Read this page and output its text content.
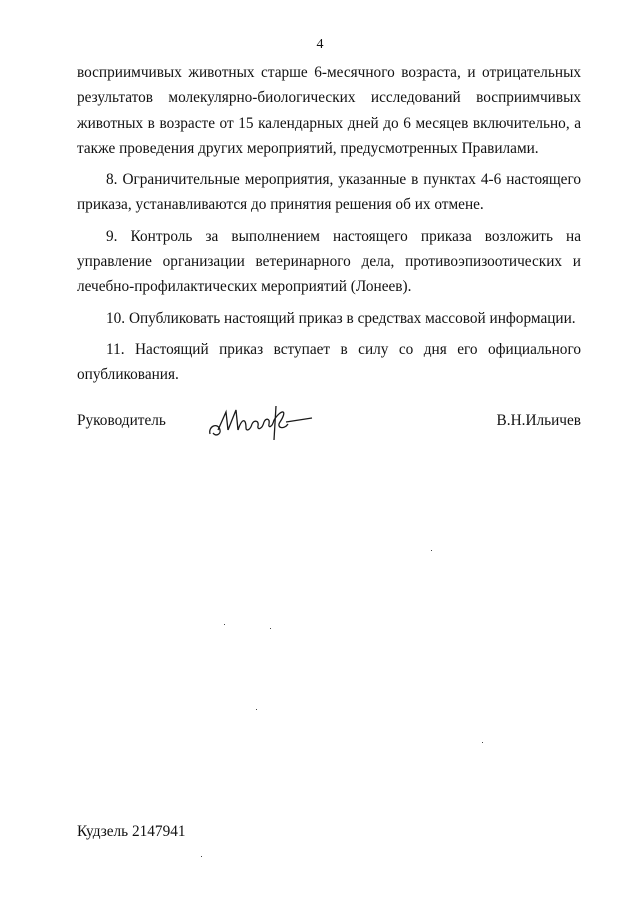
4
восприимчивых животных старше 6-месячного возраста, и отрицательных
результатов молекулярно-биологических исследований восприимчивых
животных в возрасте от 15 календарных дней до 6 месяцев включительно, а
также проведения других мероприятий, предусмотренных Правилами.
8. Ограничительные мероприятия, указанные в пунктах 4-6 настоящего
приказа, устанавливаются до принятия решения об их отмене.
9. Контроль за выполнением настоящего приказа возложить на
управление организации ветеринарного дела, противоэпизоотических и
лечебно-профилактических мероприятий (Лонеев).
10. Опубликовать настоящий приказ в средствах массовой информации.
11. Настоящий приказ вступает в силу со дня его официального
опубликования.
Руководитель	В.Н.Ильичев
Кудзель 2147941
